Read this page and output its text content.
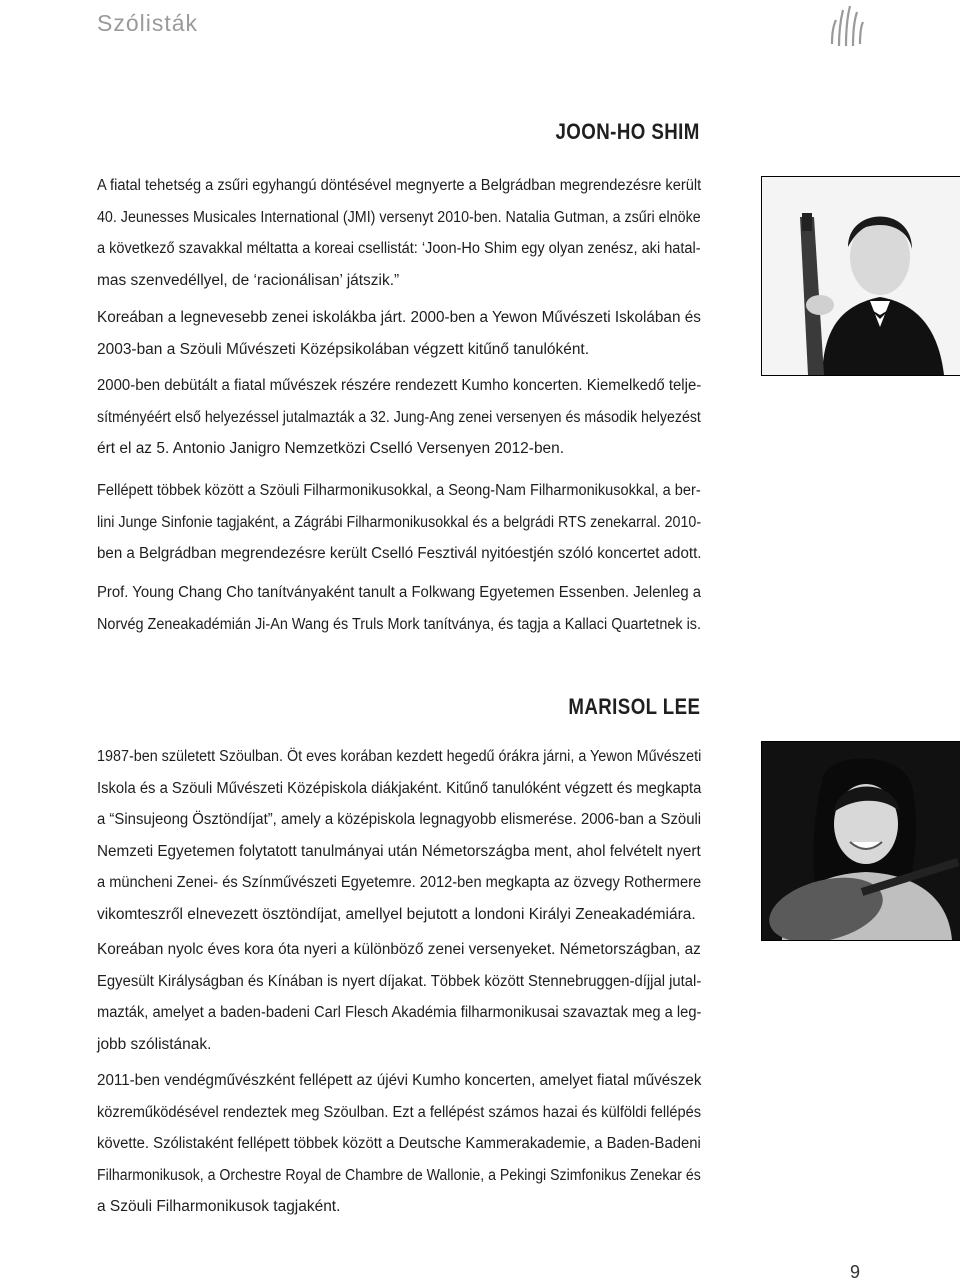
Szólisták
JOON-HO SHIM
A fiatal tehetség a zsűri egyhangú döntésével megnyerte a Belgrádban megrendezésre került
40. Jeunesses Musicales International (JMI) versenyt 2010-ben. Natalia Gutman, a zsűri elnöke
a következő szavakkal méltatta a koreai csellistát: ‘Joon-Ho Shim egy olyan zenész, aki hatal-
mas szenvedéllyel, de ‘racionálisan’ játszik.”
Koreában a legnevesebb zenei iskolákba járt. 2000-ben a Yewon Művészeti Iskolában és
2003-ban a Szöuli Művészeti Középsikolában végzett kitűnő tanulóként.
2000-ben debütált a fiatal művészek részére rendezett Kumho koncerten. Kiemelkedő telje-
sítményéért első helyezéssel jutalmazták a 32. Jung-Ang zenei versenyen és második helyezést
ért el az 5. Antonio Janigro Nemzetközi Cselló Versenyen 2012-ben.
Fellépett többek között a Szöuli Filharmonikusokkal, a Seong-Nam Filharmonikusokkal, a ber-
lini Junge Sinfonie tagjaként, a Zágrábi Filharmonikusokkal és a belgrádi RTS zenekarral. 2010-
ben a Belgrádban megrendezésre került Cselló Fesztivál nyitóestjén szóló koncertet adott.
Prof. Young Chang Cho tanítványaként tanult a Folkwang Egyetemen Essenben. Jelenleg a
Norvég Zeneakadémián Ji-An Wang és Truls Mork tanítványa, és tagja a Kallaci Quartetnek is.
MARISOL LEE
1987-ben született Szöulban. Öt eves korában kezdett hegedű órákra járni, a Yewon Művészeti
Iskola és a Szöuli Művészeti Középiskola diákjaként. Kitűnő tanulóként végzett és megkapta
a “Sinsujeong Ösztöndíjat”, amely a középiskola legnagyobb elismerése. 2006-ban a Szöuli
Nemzeti Egyetemen folytatott tanulmányai után Németországba ment, ahol felvételt nyert
a müncheni Zenei- és Színművészeti Egyetemre. 2012-ben megkapta az özvegy Rothermere
vikomteszről elnevezett ösztöndíjat, amellyel bejutott a londoni Királyi Zeneakadémiára.
Koreában nyolc éves kora óta nyeri a különböző zenei versenyeket. Németországban, az
Egyesült Királyságban és Kínában is nyert díjakat. Többek között Stennebruggen-díjjal jutal-
mazták, amelyet a baden-badeni Carl Flesch Akadémia filharmonikusai szavaztak meg a leg-
jobb szólistának.
2011-ben vendégművészként fellépett az újévi Kumho koncerten, amelyet fiatal művészek
közreműködésével rendeztek meg Szöulban. Ezt a fellépést számos hazai és külföldi fellépés
követte. Szólistaként fellépett többek között a Deutsche Kammerakademie, a Baden-Badeni
Filharmonikusok, a Orchestre Royal de Chambre de Wallonie, a Pekingi Szimfonikus Zenekar és
a Szöuli Filharmonikusok tagjaként.
9
